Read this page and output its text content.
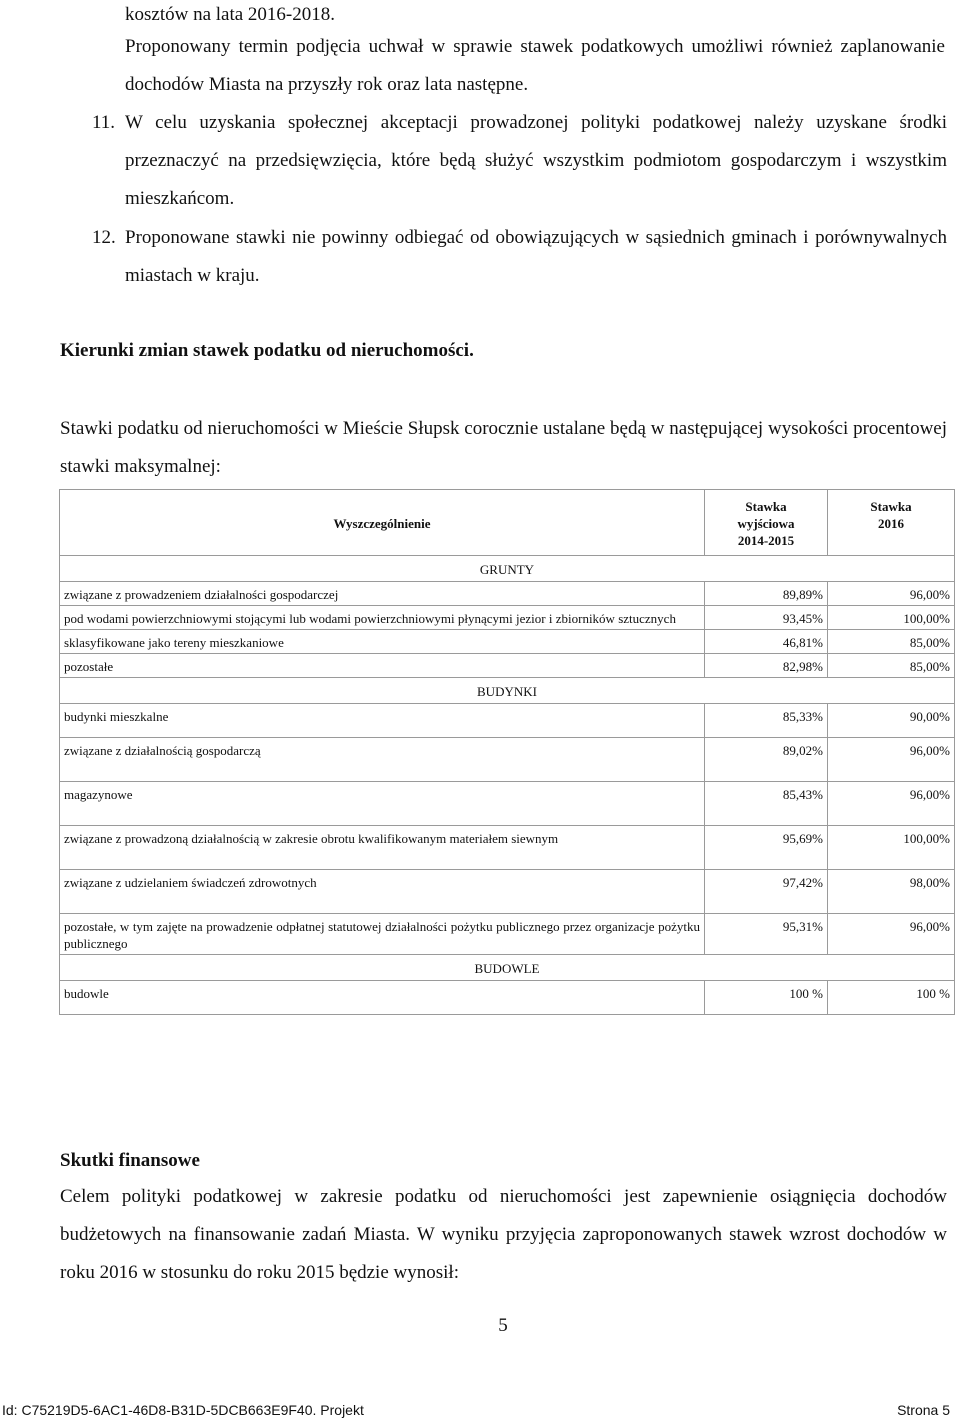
kosztów na lata 2016-2018.
Proponowany termin podjęcia uchwał w sprawie stawek podatkowych umożliwi również zaplanowanie dochodów Miasta na przyszły rok oraz lata następne.
11. W celu uzyskania społecznej akceptacji prowadzonej polityki podatkowej należy uzyskane środki przeznaczyć na przedsięwzięcia, które będą służyć wszystkim podmiotom gospodarczym i wszystkim mieszkańcom.
12. Proponowane stawki nie powinny odbiegać od obowiązujących w sąsiednich gminach i porównywalnych miastach w kraju.
Kierunki zmian stawek podatku od nieruchomości.
Stawki podatku od nieruchomości w Mieście Słupsk corocznie ustalane będą w następującej wysokości procentowej stawki maksymalnej:
Wyszczególnienie	Stawka wyjściowa 2014-2015	Stawka 2016

GRUNTY		
związane z prowadzeniem działalności gospodarczej	89,89%	96,00%
pod wodami powierzchniowymi stojącymi lub wodami powierzchniowymi płynącymi jezior i zbiorników sztucznych	93,45%	100,00%
sklasyfikowane jako tereny mieszkaniowe	46,81%	85,00%
pozostałe	82,98%	85,00%
BUDYNKI		
budynki mieszkalne	85,33%	90,00%
związane z działalnością gospodarczą	89,02%	96,00%
magazynowe	85,43%	96,00%
związane z prowadzoną działalnością w zakresie obrotu kwalifikowanym materiałem siewnym	95,69%	100,00%
związane z udzielaniem świadczeń zdrowotnych	97,42%	98,00%
pozostałe, w tym zajęte na prowadzenie odpłatnej statutowej działalności pożytku publicznego przez organizacje pożytku publicznego	95,31%	96,00%
BUDOWLE		
budowle	100 %	100 %
Skutki finansowe
Celem polityki podatkowej w zakresie podatku od nieruchomości jest zapewnienie osiągnięcia dochodów budżetowych na finansowanie zadań Miasta. W wyniku przyjęcia zaproponowanych stawek wzrost dochodów w roku 2016 w stosunku do roku 2015 będzie wynosił:
5
Id: C75219D5-6AC1-46D8-B31D-5DCB663E9F40. Projekt	Strona 5
